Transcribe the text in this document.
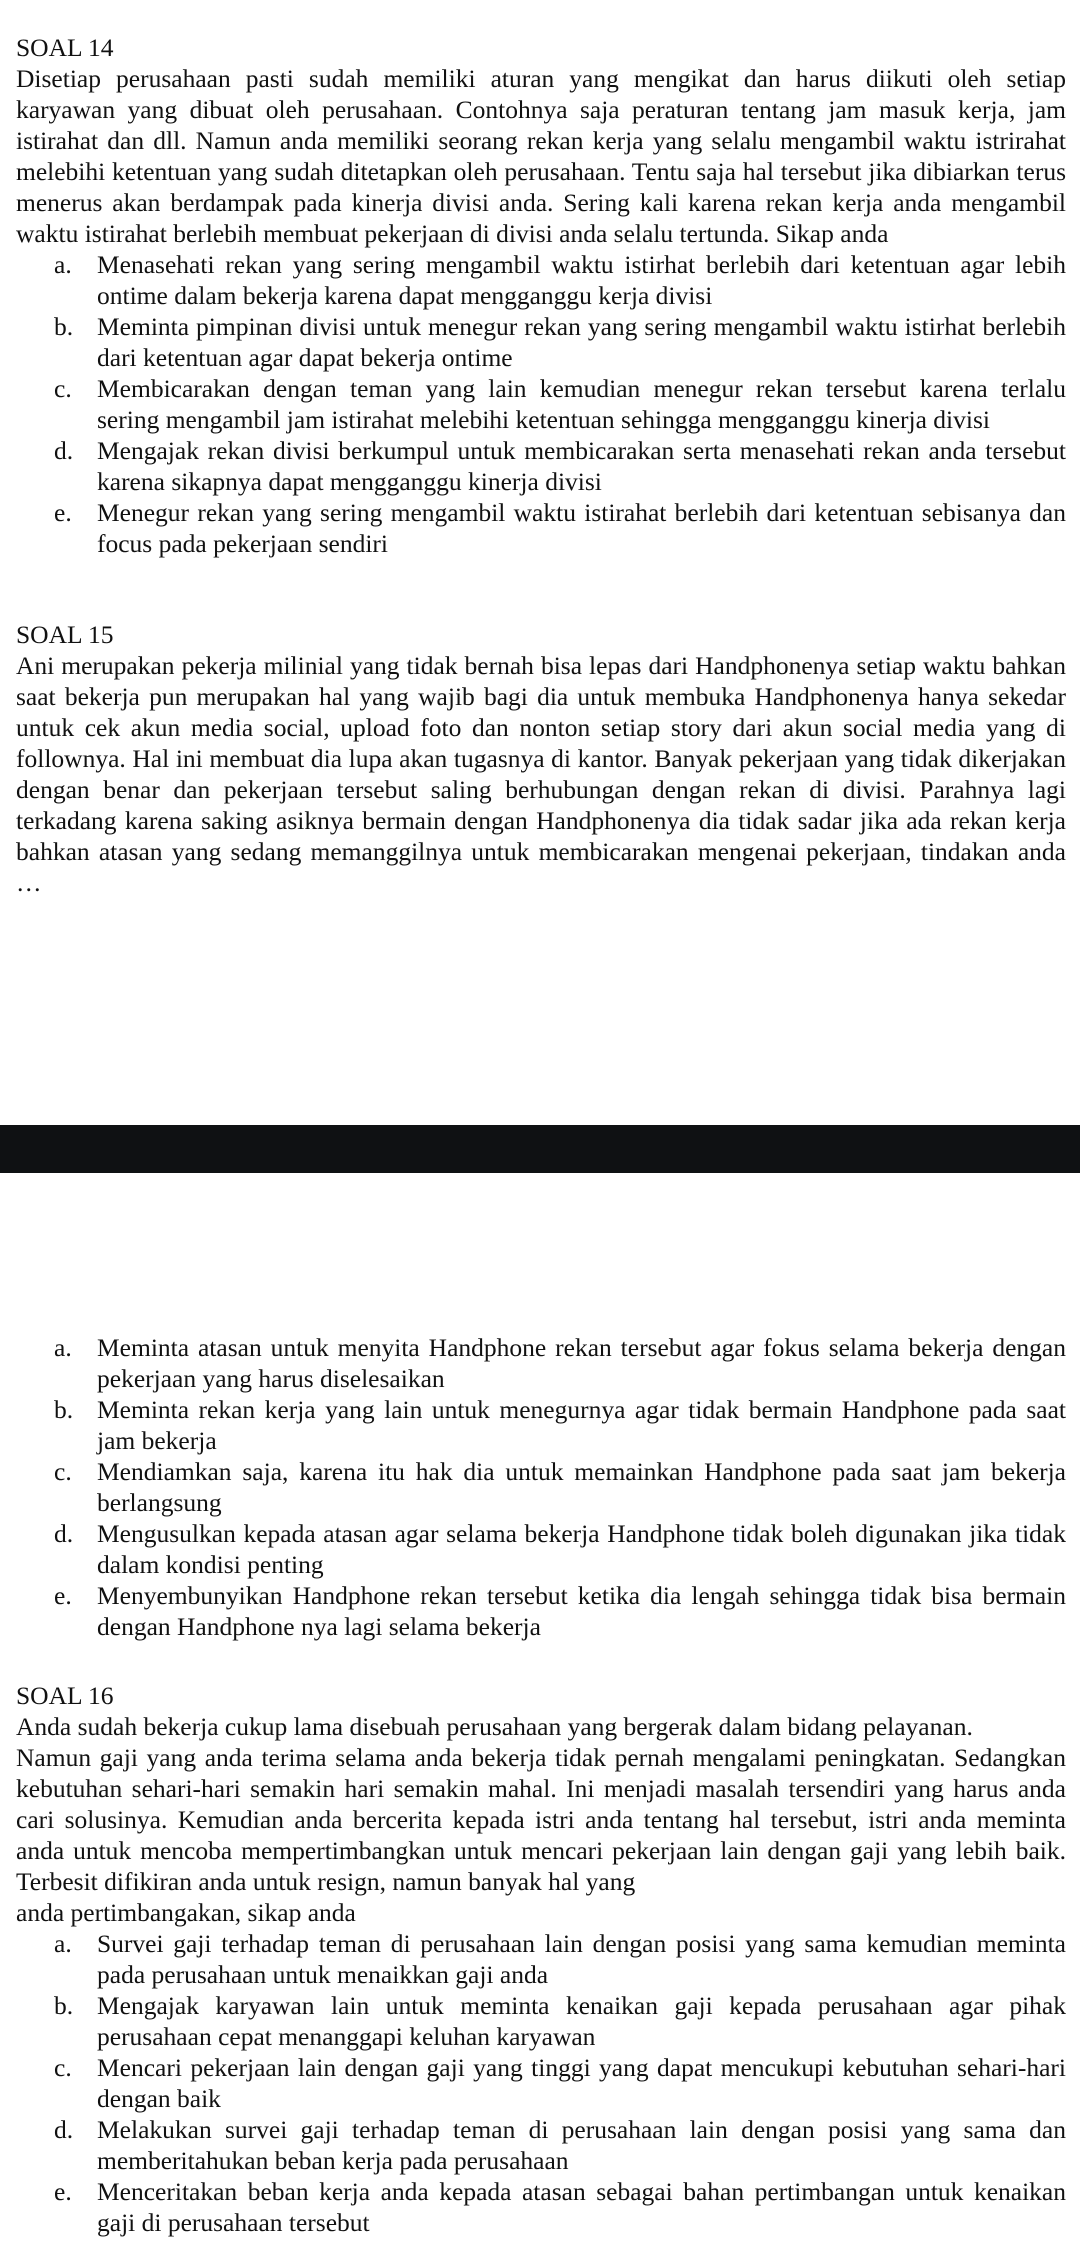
SOAL 14

Disetiap perusahaan pasti sudah memiliki aturan yang mengikat dan harus diikuti oleh setiap karyawan yang dibuat oleh perusahaan. Contohnya saja peraturan tentang jam masuk kerja, jam istirahat dan dll. Namun anda memiliki seorang rekan kerja yang selalu mengambil waktu istrirahat melebihi ketentuan yang sudah ditetapkan oleh perusahaan. Tentu saja hal tersebut jika dibiarkan terus menerus akan berdampak pada kinerja divisi anda. Sering kali karena rekan kerja anda mengambil waktu istirahat berlebih membuat pekerjaan di divisi anda selalu tertunda. Sikap anda

a. Menasehati rekan yang sering mengambil waktu istirhat berlebih dari ketentuan agar lebih ontime dalam bekerja karena dapat mengganggu kerja divisi
b. Meminta pimpinan divisi untuk menegur rekan yang sering mengambil waktu istirhat berlebih dari ketentuan agar dapat bekerja ontime
c. Membicarakan dengan teman yang lain kemudian menegur rekan tersebut karena terlalu sering mengambil jam istirahat melebihi ketentuan sehingga mengganggu kinerja divisi
d. Mengajak rekan divisi berkumpul untuk membicarakan serta menasehati rekan anda tersebut karena sikapnya dapat mengganggu kinerja divisi
e. Menegur rekan yang sering mengambil waktu istirahat berlebih dari ketentuan sebisanya dan focus pada pekerjaan sendiri
SOAL 15

Ani merupakan pekerja milinial yang tidak bernah bisa lepas dari Handphonenya setiap waktu bahkan saat bekerja pun merupakan hal yang wajib bagi dia untuk membuka Handphonenya hanya sekedar untuk cek akun media social, upload foto dan nonton setiap story dari akun social media yang di followny​a. Hal ini membuat dia lupa akan tugasnya di kantor. Banyak pekerjaan yang tidak dikerjakan dengan benar dan pekerjaan tersebut saling berhubungan dengan rekan di divisi. Parahnya lagi terkadang karena saking asiknya bermain dengan Handphonenya dia tidak sadar jika ada rekan kerja bahkan atasan yang sedang memanggilnya untuk membicarakan mengenai pekerjaan, tindakan anda …

a. Meminta atasan untuk menyita Handphone rekan tersebut agar fokus selama bekerja dengan pekerjaan yang harus diselesaikan
b. Meminta rekan kerja yang lain untuk menegurnya agar tidak bermain Handphone pada saat jam bekerja
c. Mendiamkan saja, karena itu hak dia untuk memainkan Handphone pada saat jam bekerja berlangsung
d. Mengusulkan kepada atasan agar selama bekerja Handphone tidak boleh digunakan jika tidak dalam kondisi penting
e. Menyembunyikan Handphone rekan tersebut ketika dia lengah sehingga tidak bisa bermain dengan Handphone nya lagi selama bekerja
SOAL 16

Anda sudah bekerja cukup lama disebuah perusahaan yang bergerak dalam bidang pelayanan.

Namun gaji yang anda terima selama anda bekerja tidak pernah mengalami peningkatan. Sedangkan kebutuhan sehari-hari semakin hari semakin mahal. Ini menjadi masalah tersendiri yang harus anda cari solusinya. Kemudian anda bercerita kepada istri anda tentang hal tersebut, istri anda meminta anda untuk mencoba mempertimbangkan untuk mencari pekerjaan lain dengan gaji yang lebih baik. Terbesit difikiran anda untuk resign, namun banyak hal yang

anda pertimbangakan, sikap anda

a. Survei gaji terhadap teman di perusahaan lain dengan posisi yang sama kemudian meminta pada perusahaan untuk menaikkan gaji anda
b. Mengajak karyawan lain untuk meminta kenaikan gaji kepada perusahaan agar pihak perusahaan cepat menanggapi keluhan karyawan
c. Mencari pekerjaan lain dengan gaji yang tinggi yang dapat mencukupi kebutuhan sehari-hari dengan baik
d. Melakukan survei gaji terhadap teman di perusahaan lain dengan posisi yang sama dan memberitahukan beban kerja pada perusahaan
e. Menceritakan beban kerja anda kepada atasan sebagai bahan pertimbangan untuk kenaikan gaji di perusahaan tersebut
